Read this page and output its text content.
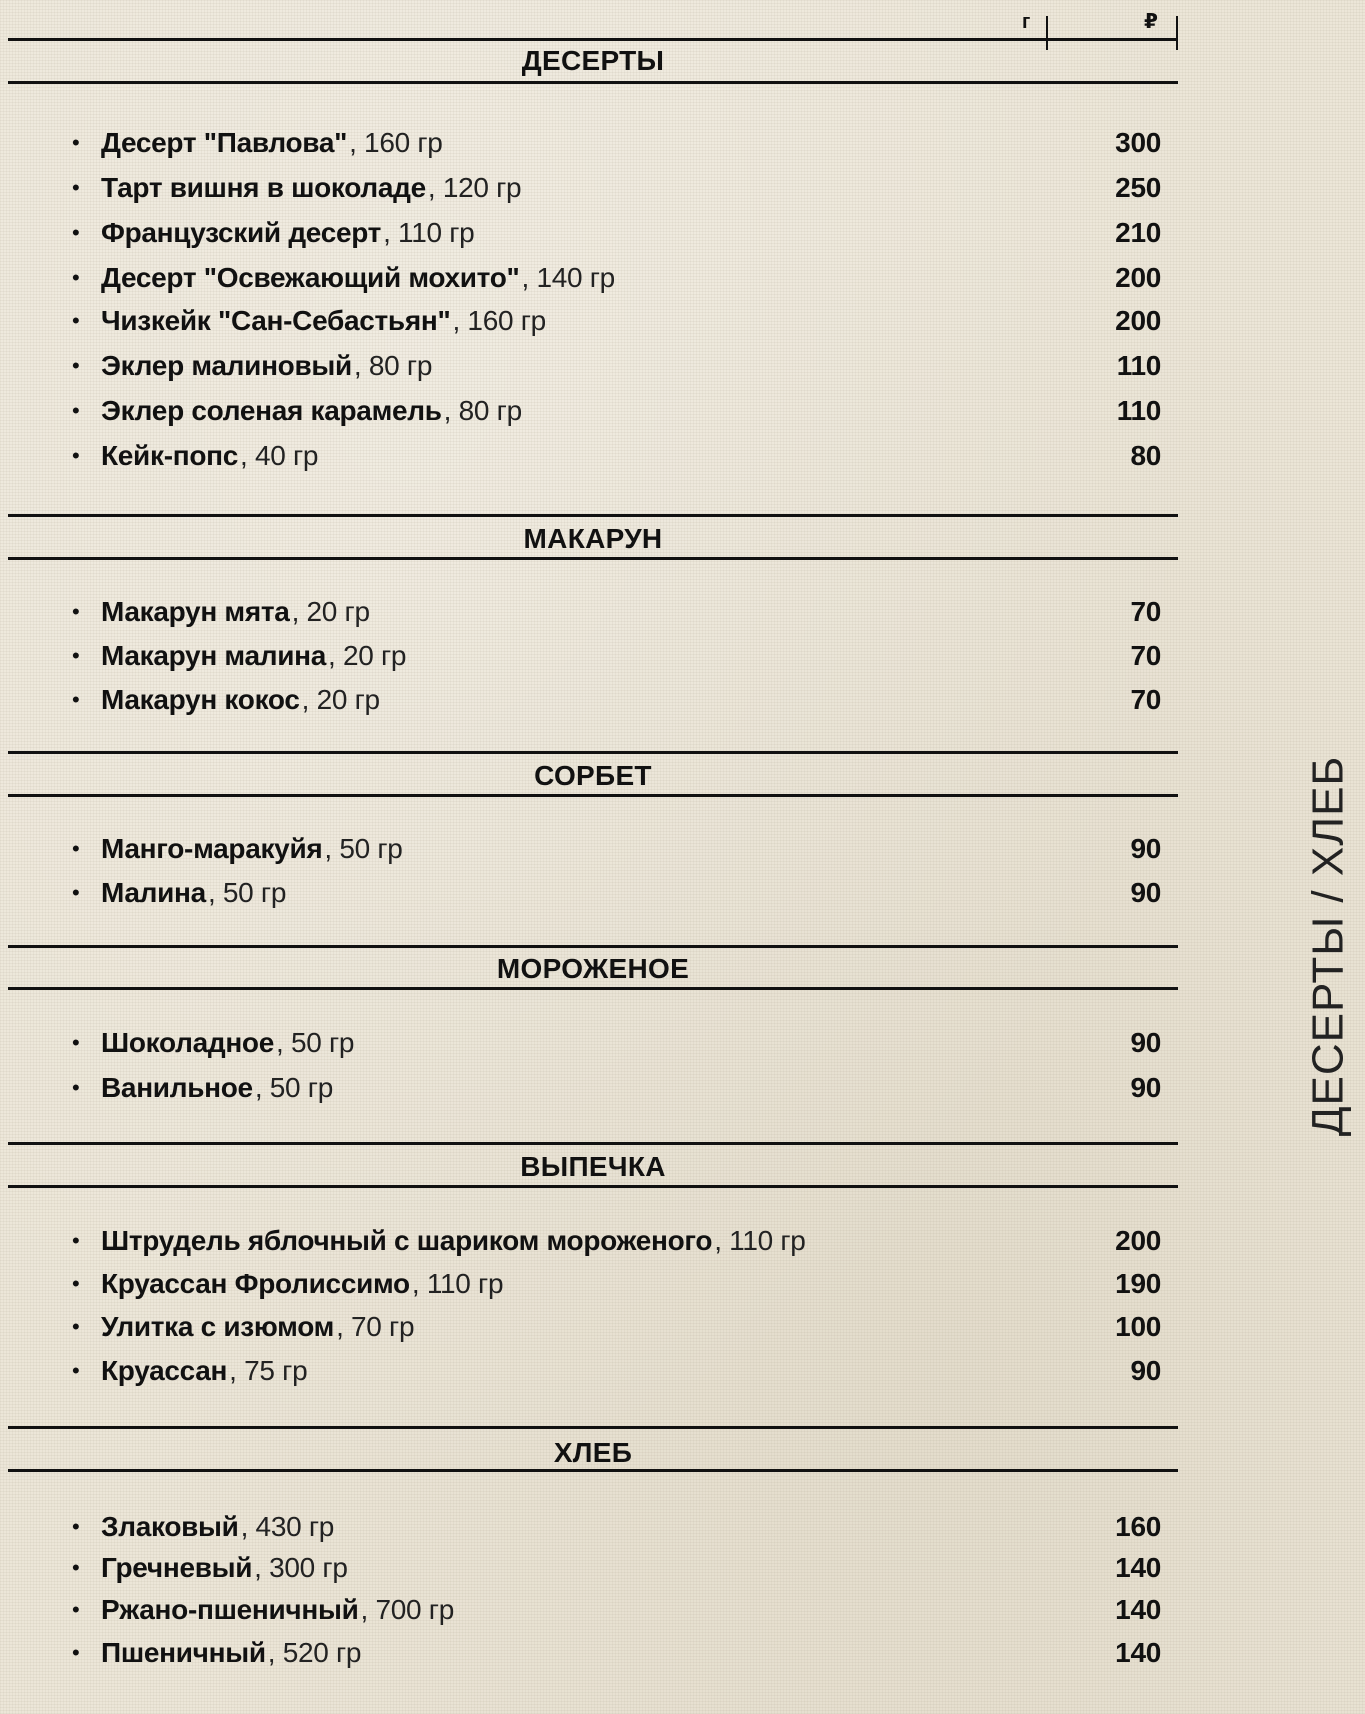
г	₽
ДЕСЕРТЫ
• Десерт "Павлова" , 160 гр	300
• Тарт вишня в шоколаде , 120 гр	250
• Французский десерт , 110 гр	210
• Десерт "Освежающий мохито" , 140 гр	200
• Чизкейк "Сан-Себастьян" , 160 гр	200
• Эклер малиновый , 80 гр	110
• Эклер соленая карамель , 80 гр	110
• Кейк-попс , 40 гр	80
МАКАРУН
• Макарун мята , 20 гр	70
• Макарун малина , 20 гр	70
• Макарун кокос , 20 гр	70
СОРБЕТ
• Манго-маракуйя , 50 гр	90
• Малина , 50 гр	90
МОРОЖЕНОЕ
• Шоколадное , 50 гр	90
• Ванильное , 50 гр	90
ВЫПЕЧКА
• Штрудель яблочный с шариком мороженого , 110 гр	200
• Круассан Фролиссимо , 110 гр	190
• Улитка с изюмом , 70 гр	100
• Круассан , 75 гр	90
ХЛЕБ
• Злаковый , 430 гр	160
• Гречневый , 300 гр	140
• Ржано-пшеничный , 700 гр	140
• Пшеничный , 520 гр	140
ДЕСЕРТЫ / ХЛЕБ
